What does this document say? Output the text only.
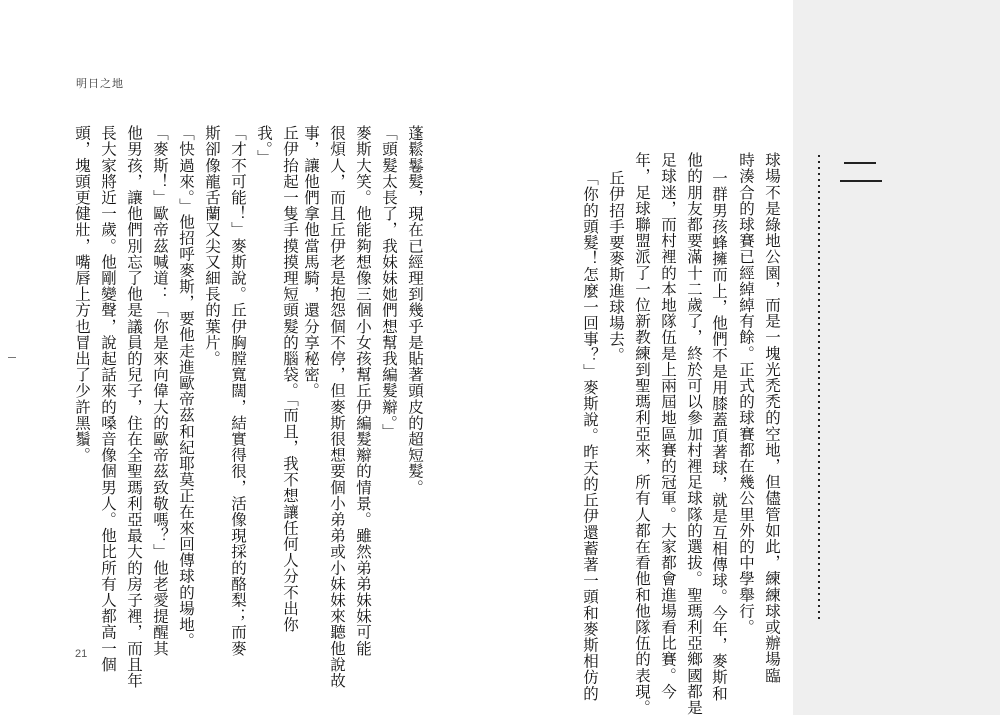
明日之地
球場不是綠地公園，而是一塊光禿禿的空地，但儘管如此，練練球或辦場臨
時湊合的球賽已經綽綽有餘。正式的球賽都在幾公里外的中學舉行。
一群男孩蜂擁而上，他們不是用膝蓋頂著球，就是互相傳球。今年，麥斯和
他的朋友都要滿十二歲了，終於可以參加村裡足球隊的選拔。聖瑪利亞鄉國都是
足球迷，而村裡的本地隊伍是上兩屆地區賽的冠軍。大家都會進場看比賽。今
年，足球聯盟派了一位新教練到聖瑪利亞來，所有人都在看他和他隊伍的表現。
丘伊招手要麥斯進球場去。
「你的頭髮！怎麼一回事？」麥斯說。昨天的丘伊還蓄著一頭和麥斯相仿的
蓬鬆鬈髮，現在已經理到幾乎是貼著頭皮的超短髮。
「頭髮太長了，我妹妹她們想幫我編髮辮。」
麥斯大笑。他能夠想像三個小女孩幫丘伊編髮辮的情景。雖然弟弟妹妹可能
很煩人，而且丘伊老是抱怨個不停，但麥斯很想要個小弟弟或小妹妹來聽他說故
事，讓他們拿他當馬騎，還分享秘密。
丘伊抬起一隻手摸摸理短頭髮的腦袋。「而且，我不想讓任何人分不出你
我。」
「才不可能！」麥斯說。丘伊胸膛寬闊，結實得很，活像現採的酪梨；而麥
斯卻像龍舌蘭又尖又細長的葉片。
「快過來。」他招呼麥斯，要他走進歐帝茲和紀耶莫正在來回傳球的場地。
「麥斯！」歐帝茲喊道：「你是來向偉大的歐帝茲致敬嗎？」他老愛提醒其
他男孩，讓他們別忘了他是議員的兒子，住在全聖瑪利亞最大的房子裡，而且年
長大家將近一歲。他剛變聲，說起話來的嗓音像個男人。他比所有人都高一個
頭，塊頭更健壯，嘴唇上方也冒出了少許黑鬚。
21
